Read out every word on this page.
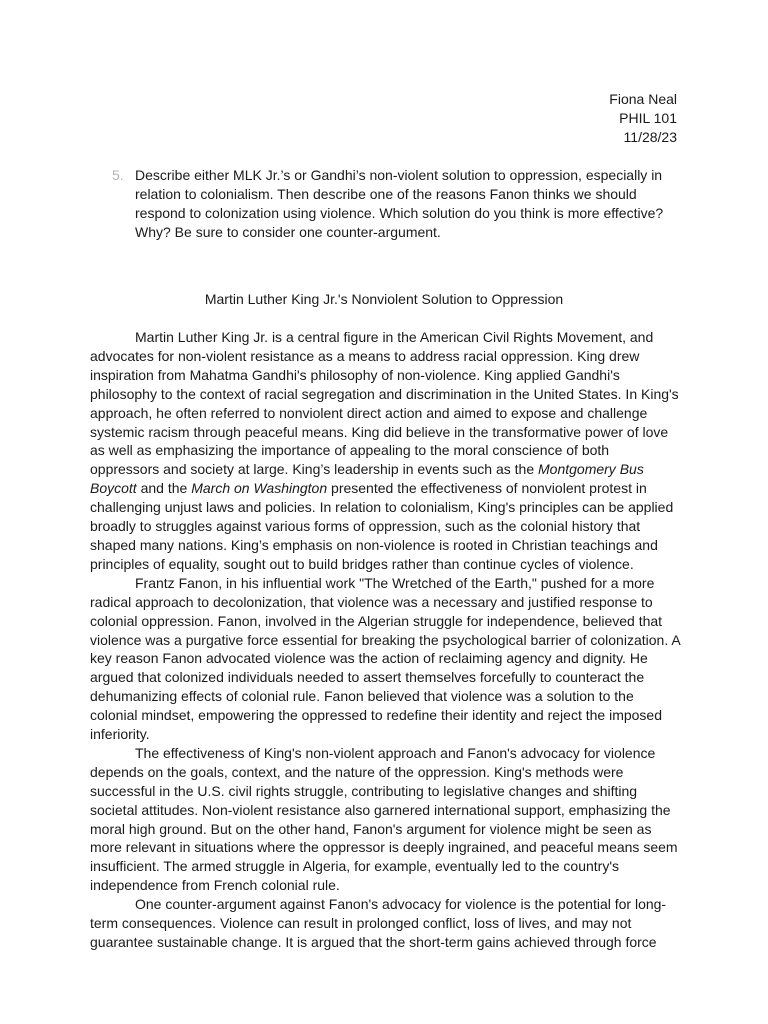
Fiona Neal
PHIL 101
11/28/23
5. Describe either MLK Jr.’s or Gandhi’s non-violent solution to oppression, especially in relation to colonialism. Then describe one of the reasons Fanon thinks we should respond to colonization using violence. Which solution do you think is more effective? Why? Be sure to consider one counter-argument.
Martin Luther King Jr.'s Nonviolent Solution to Oppression

Martin Luther King Jr. is a central figure in the American Civil Rights Movement, and advocates for non-violent resistance as a means to address racial oppression. King drew inspiration from Mahatma Gandhi's philosophy of non-violence. King applied Gandhi's philosophy to the context of racial segregation and discrimination in the United States. In King's approach, he often referred to nonviolent direct action and aimed to expose and challenge systemic racism through peaceful means. King did believe in the transformative power of love as well as emphasizing the importance of appealing to the moral conscience of both oppressors and society at large. King’s leadership in events such as the Montgomery Bus Boycott and the March on Washington presented the effectiveness of nonviolent protest in challenging unjust laws and policies. In relation to colonialism, King's principles can be applied broadly to struggles against various forms of oppression, such as the colonial history that shaped many nations. King’s emphasis on non-violence is rooted in Christian teachings and principles of equality, sought out to build bridges rather than continue cycles of violence.

Frantz Fanon, in his influential work "The Wretched of the Earth," pushed for a more radical approach to decolonization, that violence was a necessary and justified response to colonial oppression. Fanon, involved in the Algerian struggle for independence, believed that violence was a purgative force essential for breaking the psychological barrier of colonization. A key reason Fanon advocated violence was the action of reclaiming agency and dignity. He argued that colonized individuals needed to assert themselves forcefully to counteract the dehumanizing effects of colonial rule. Fanon believed that violence was a solution to the colonial mindset, empowering the oppressed to redefine their identity and reject the imposed inferiority.

The effectiveness of King's non-violent approach and Fanon's advocacy for violence depends on the goals, context, and the nature of the oppression. King's methods were successful in the U.S. civil rights struggle, contributing to legislative changes and shifting societal attitudes. Non-violent resistance also garnered international support, emphasizing the moral high ground. But on the other hand, Fanon's argument for violence might be seen as more relevant in situations where the oppressor is deeply ingrained, and peaceful means seem insufficient. The armed struggle in Algeria, for example, eventually led to the country's independence from French colonial rule.

One counter-argument against Fanon's advocacy for violence is the potential for long-term consequences. Violence can result in prolonged conflict, loss of lives, and may not guarantee sustainable change. It is argued that the short-term gains achieved through force
